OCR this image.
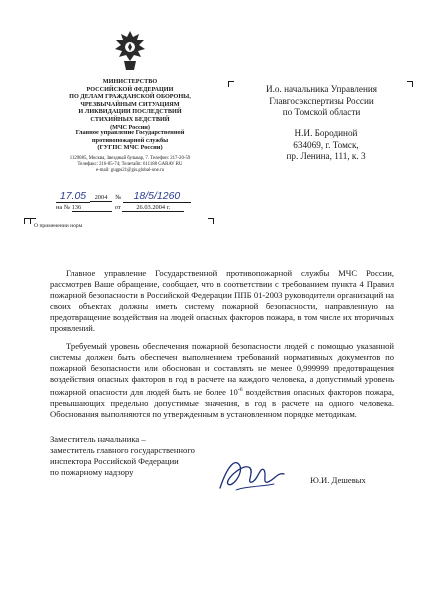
МИНИСТЕРСТВО
РОССИЙСКОЙ ФЕДЕРАЦИИ
ПО ДЕЛАМ ГРАЖДАНСКОЙ ОБОРОНЫ,
ЧРЕЗВЫЧАЙНЫМ СИТУАЦИЯМ
И ЛИКВИДАЦИИ ПОСЛЕДСТВИЙ
СТИХИЙНЫХ БЕДСТВИЙ
(МЧС России)
Главное управление Государственной
противопожарной службы
(ГУГПС МЧС России)
1129085, Москва, Звездный бульвар, 7. Телефон: 217-20-59
Телефакс: 216-85-74; Телетайп: 611188 GARAV RU
e-mail: gugps21@gis.global-one.ru
17.05 2004 № 18/5/1260
на № 136	от 26.03.2004 г.
О применении норм
И.о. начальника Управления
Главгосэкспертизы России
по Томской области
Н.И. Бородиной
634069, г. Томск,
пр. Ленина, 111, к. 3

Главное управление Государственной противопожарной службы МЧС России, рассмотрев Ваше обращение, сообщает, что в соответствии с требованием пункта 4 Правил пожарной безопасности в Российской Федерации ППБ 01-2003 руководители организаций на своих объектах должны иметь систему пожарной безопасности, направленную на предотвращение воздействия на людей опасных факторов пожара, в том числе их вторичных проявлений.

Требуемый уровень обеспечения пожарной безопасности людей с помощью указанной системы должен быть обеспечен выполнением требований нормативных документов по пожарной безопасности или обоснован и составлять не менее 0,999999 предотвращения воздействия опасных факторов в год в расчете на каждого человека, а допустимый уровень пожарной опасности для людей быть не более $10^{-6}$ воздействия опасных факторов пожара, превышающих предельно допустимые значения, в год в расчете на одного человека. Обоснования выполняются по утвержденным в установленном порядке методикам.

Заместитель начальника –
заместитель главного государственного
инспектора Российской Федерации
по пожарному надзору
Ю.И. Дешевых
